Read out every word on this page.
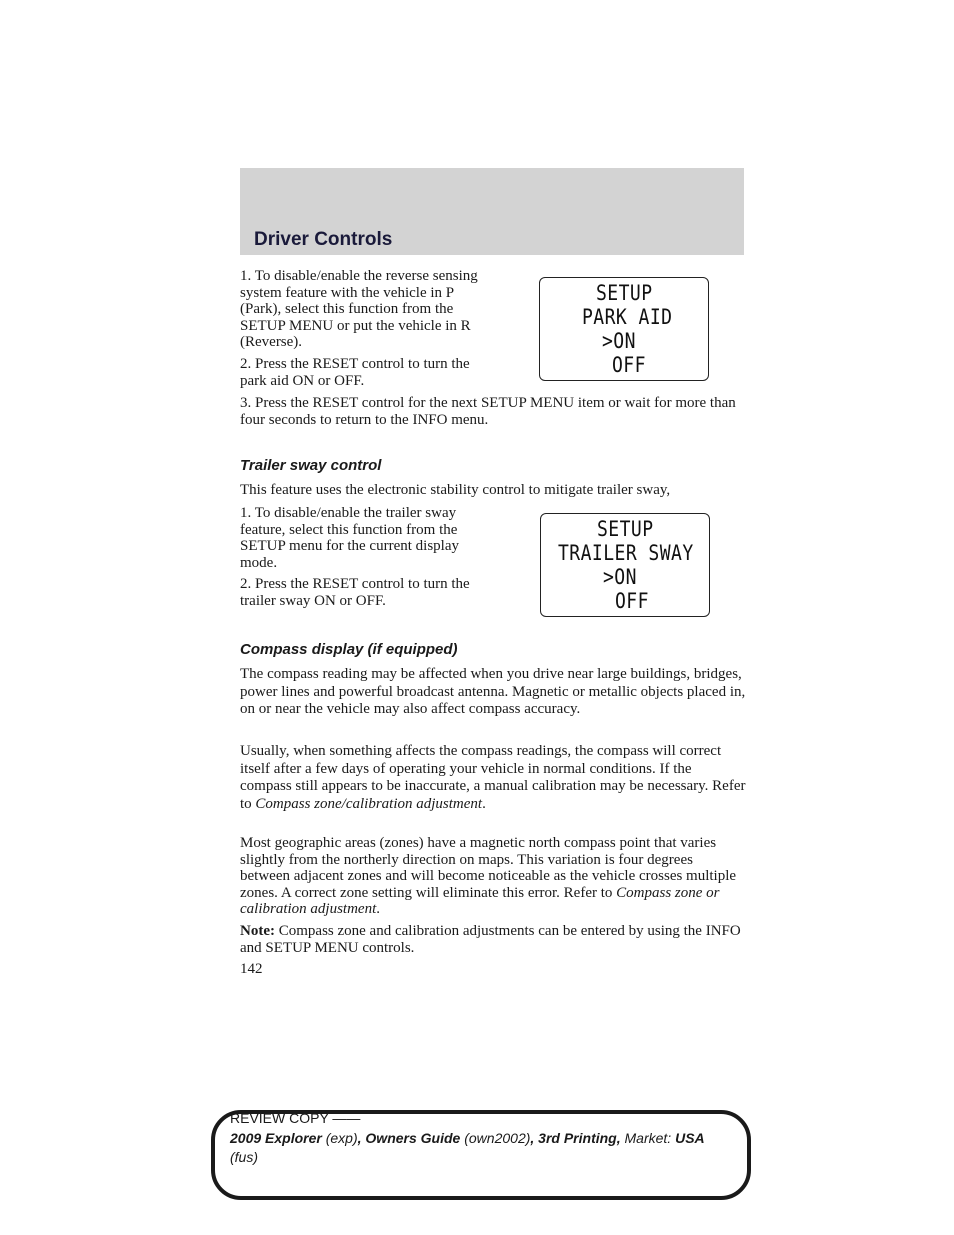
Driver Controls

1. To disable/enable the reverse sensing system feature with the vehicle in P (Park), select this function from the SETUP MENU or put the vehicle in R (Reverse).

2. Press the RESET control to turn the park aid ON or OFF.

3. Press the RESET control for the next SETUP MENU item or wait for more than four seconds to return to the INFO menu.

SETUP
PARK AID
>ON
OFF

Trailer sway control

This feature uses the electronic stability control to mitigate trailer sway,

1. To disable/enable the trailer sway feature, select this function from the SETUP menu for the current display mode.

2. Press the RESET control to turn the trailer sway ON or OFF.

SETUP
TRAILER SWAY
>ON
OFF

Compass display (if equipped)

The compass reading may be affected when you drive near large buildings, bridges, power lines and powerful broadcast antenna. Magnetic or metallic objects placed in, on or near the vehicle may also affect compass accuracy.

Usually, when something affects the compass readings, the compass will correct itself after a few days of operating your vehicle in normal conditions. If the compass still appears to be inaccurate, a manual calibration may be necessary. Refer to Compass zone/calibration adjustment.

Most geographic areas (zones) have a magnetic north compass point that varies slightly from the northerly direction on maps. This variation is four degrees between adjacent zones and will become noticeable as the vehicle crosses multiple zones. A correct zone setting will eliminate this error. Refer to Compass zone or calibration adjustment.

Note: Compass zone and calibration adjustments can be entered by using the INFO and SETUP MENU controls.

142

REVIEW COPY ——
2009 Explorer (exp), Owners Guide (own2002), 3rd Printing, Market: USA
(fus)
